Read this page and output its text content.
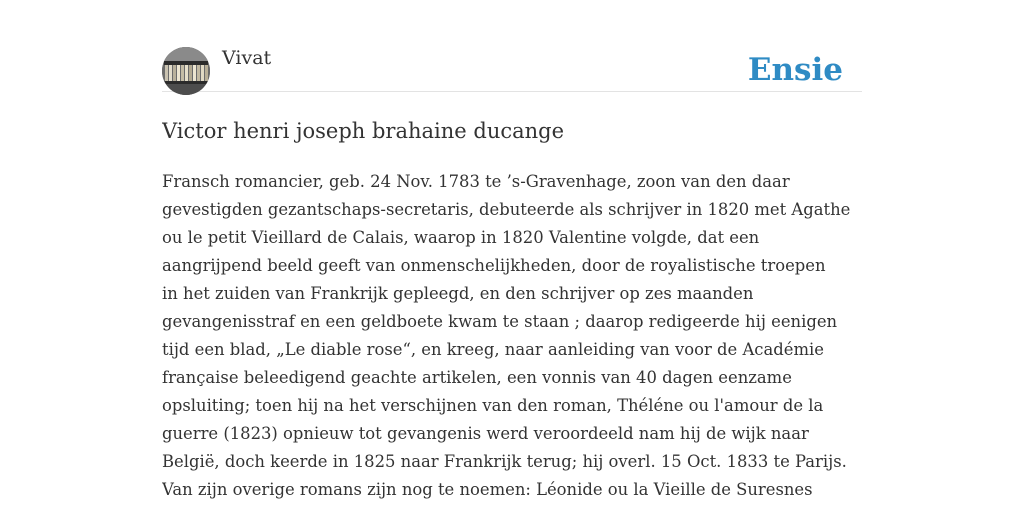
Vivat	Ensie
Victor henri joseph brahaine ducange
Fransch romancier, geb. 24 Nov. 1783 te ’s-Gravenhage, zoon van den daar
gevestigden gezantschaps-secretaris, debuteerde als schrijver in 1820 met Agathe
ou le petit Vieillard de Calais, waarop in 1820 Valentine volgde, dat een
aangrijpend beeld geeft van onmenschelijkheden, door de royalistische troepen
in het zuiden van Frankrijk gepleegd, en den schrijver op zes maanden
gevangenisstraf en een geldboete kwam te staan ; daarop redigeerde hij eenigen
tijd een blad, „Le diable rose“, en kreeg, naar aanleiding van voor de Académie
française beleedigend geachte artikelen, een vonnis van 40 dagen eenzame
opsluiting; toen hij na het verschijnen van den roman, Théléne ou l'amour de la
guerre (1823) opnieuw tot gevangenis werd veroordeeld nam hij de wijk naar
België, doch keerde in 1825 naar Frankrijk terug; hij overl. 15 Oct. 1833 te Parijs.
Van zijn overige romans zijn nog te noemen: Léonide ou la Vieille de Suresnes
